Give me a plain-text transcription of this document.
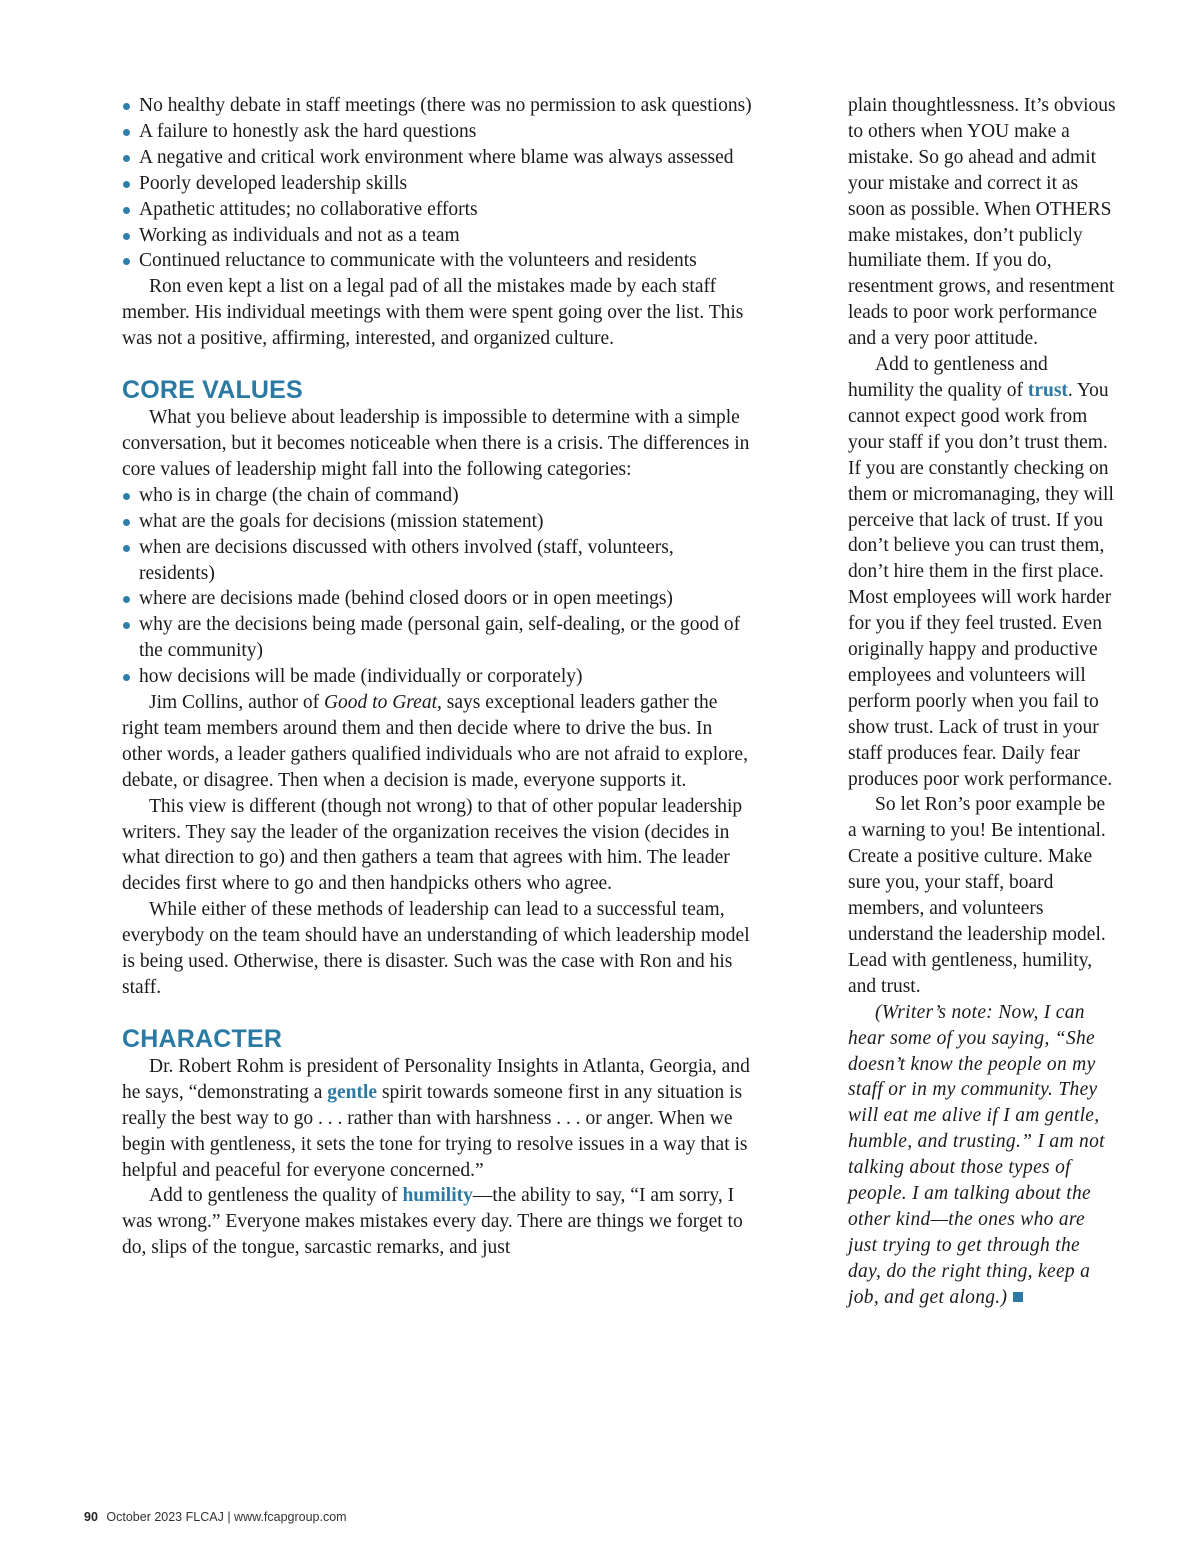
No healthy debate in staff meetings (there was no permission to ask questions)
A failure to honestly ask the hard questions
A negative and critical work environment where blame was always assessed
Poorly developed leadership skills
Apathetic attitudes; no collaborative efforts
Working as individuals and not as a team
Continued reluctance to communicate with the volunteers and residents

Ron even kept a list on a legal pad of all the mistakes made by each staff member. His individual meetings with them were spent going over the list. This was not a positive, affirming, interested, and organized culture.

CORE VALUES

What you believe about leadership is impossible to determine with a simple conversation, but it becomes noticeable when there is a crisis. The differences in core values of leadership might fall into the following categories:

who is in charge (the chain of command)
what are the goals for decisions (mission statement)
when are decisions discussed with others involved (staff, volunteers, residents)
where are decisions made (behind closed doors or in open meetings)
why are the decisions being made (personal gain, self-dealing, or the good of the community)
how decisions will be made (individually or corporately)

Jim Collins, author of Good to Great, says exceptional leaders gather the right team members around them and then decide where to drive the bus. In other words, a leader gathers qualified individuals who are not afraid to explore, debate, or disagree. Then when a decision is made, everyone supports it.

This view is different (though not wrong) to that of other popular leadership writers. They say the leader of the organization receives the vision (decides in what direction to go) and then gathers a team that agrees with him. The leader decides first where to go and then handpicks others who agree.

While either of these methods of leadership can lead to a successful team, everybody on the team should have an understanding of which leadership model is being used. Otherwise, there is disaster. Such was the case with Ron and his staff.

CHARACTER

Dr. Robert Rohm is president of Personality Insights in Atlanta, Georgia, and he says, “demonstrating a gentle spirit towards someone first in any situation is really the best way to go . . . rather than with harshness . . . or anger. When we begin with gentleness, it sets the tone for trying to resolve issues in a way that is helpful and peaceful for everyone concerned.”

Add to gentleness the quality of humility—the ability to say, “I am sorry, I was wrong.” Everyone makes mistakes every day. There are things we forget to do, slips of the tongue, sarcastic remarks, and just

plain thoughtlessness. It’s obvious to others when YOU make a mistake. So go ahead and admit your mistake and correct it as soon as possible. When OTHERS make mistakes, don’t publicly humiliate them. If you do, resentment grows, and resentment leads to poor work performance and a very poor attitude.

Add to gentleness and humility the quality of trust. You cannot expect good work from your staff if you don’t trust them. If you are constantly checking on them or micromanaging, they will perceive that lack of trust. If you don’t believe you can trust them, don’t hire them in the first place. Most employees will work harder for you if they feel trusted. Even originally happy and productive employees and volunteers will perform poorly when you fail to show trust. Lack of trust in your staff produces fear. Daily fear produces poor work performance.

So let Ron’s poor example be a warning to you! Be intentional. Create a positive culture. Make sure you, your staff, board members, and volunteers understand the leadership model. Lead with gentleness, humility, and trust.

(Writer’s note: Now, I can hear some of you saying, “She doesn’t know the people on my staff or in my community. They will eat me alive if I am gentle, humble, and trusting.” I am not talking about those types of people. I am talking about the other kind—the ones who are just trying to get through the day, do the right thing, keep a job, and get along.)

90 October 2023 FLCAJ | www.fcapgroup.com
